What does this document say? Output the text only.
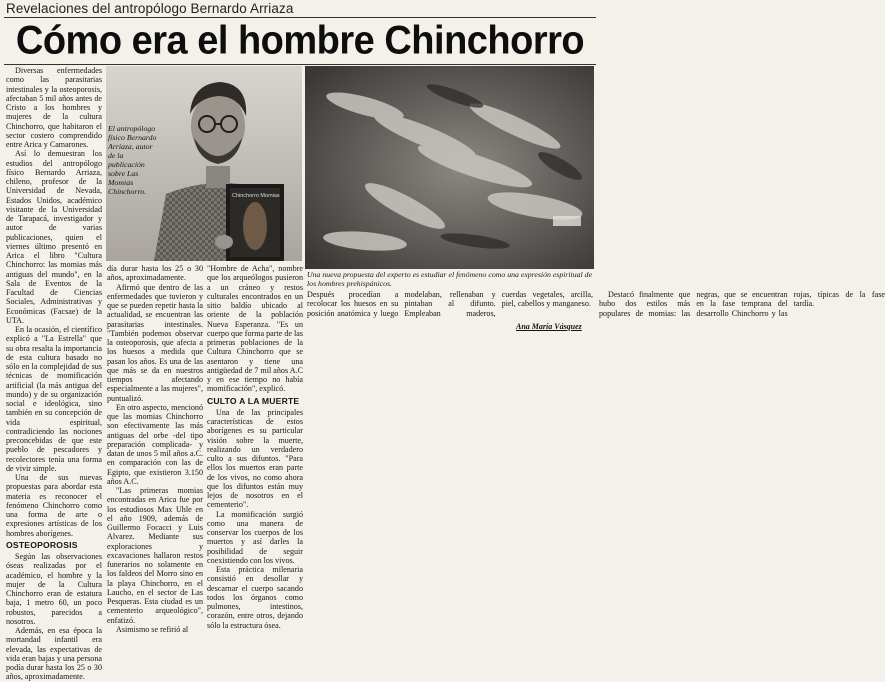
Revelaciones del antropólogo Bernardo Arriaza
Cómo era el hombre Chinchorro

Diversas enfermedades como las parasitarias intestinales y la osteoporosis, afectaban 5 mil años antes de Cristo a los hombres y mujeres de la cultura Chinchorro, que habitaron el sector costero comprendido entre Arica y Camarones.

Así lo demuestran los estudios del antropólogo físico Bernardo Arriaza, chileno, profesor de la Universidad de Nevada, Estados Unidos, académico visitante de la Universidad de Tarapacá, investigador y autor de varias publicaciones, quien el viernes último presentó en Arica el libro "Cultura Chinchorro: las momias más antiguas del mundo", en la Sala de Eventos de la Facultad de Ciencias Sociales, Administrativas y Económicas (Facsae) de la UTA.

En la ocasión, el científico explicó a "La Estrella" que su obra resalta la importancia de esta cultura basado no sólo en la complejidad de sus técnicas de momificación artificial (la más antigua del mundo) y de su organización social e ideológica, sino también en su concepción de vida espiritual, contradiciendo las nociones preconcebidas de que este pueblo de pescadores y recolectores tenía una forma de vivir simple.

Una de sus nuevas propuestas para abordar esta materia es reconocer el fenómeno Chinchorro como una forma de arte o expresiones artísticas de los hombres aborígenes.

OSTEOPOROSIS

Según las observaciones óseas realizadas por el académico, el hombre y la mujer de la Cultura Chinchorro eran de estatura baja, 1 metro 60, un poco robustos, parecidos a nosotros.

Además, en esa época la mortandad infantil era elevada, las expectativas de vida eran bajas y una persona podía durar hasta los 25 o 30 años, aproximadamente.

Chinchorro Momias
El antropólogo físico Bernardo Arriaza, autor de la publicación sobre Las Momias Chinchorro.
Una nueva propuesta del experto es estudiar el fenómeno como una expresión espiritual de los hombres prehispánicos.

día durar hasta los 25 o 30 años, aproximadamente.

Afirmó que dentro de las enfermedades que tuvieron y que se pueden repetir hasta la actualidad, se encuentran las parasitarias intestinales. "También podemos observar la osteoporosis, que afecta a los huesos a medida que pasan los años. Es una de las que más se da en nuestros tiempos afectando especialmente a las mujeres", puntualizó.

En otro aspecto, mencionó que las momias Chinchorro son efectivamente las más antiguas del orbe -del tipo preparación complicada- y datan de unos 5 mil años a.C. en comparación con las de Egipto, que existieron 3.150 años A.C.

"Las primeras momias encontradas en Arica fue por los estudiosos Max Uhle en el año 1909, además de Guillermo Focacci y Luis Alvarez. Mediante sus exploraciones y excavaciones hallaron restos funerarios no solamente en los faldeos del Morro sino en la playa Chinchorro, en el Laucho, en el sector de Las Pesqueras. Esta ciudad es un cementerio arqueológico", enfatizó.

Asimismo se refirió al

"Hombre de Acha", nombre que los arqueólogos pusieron a un cráneo y restos culturales encontrados en un sitio baldío ubicado al oriente de la población Nueva Esperanza. "Es un cuerpo que forma parte de las primeras poblaciones de la Cultura Chinchorro que se asentaron y tiene una antigüedad de 7 mil años A.C y en ese tiempo no había momificación", explicó.

CULTO A LA MUERTE

Una de las principales características de estos aborígenes es su particular visión sobre la muerte, realizando un verdadero culto a sus difuntos. "Para ellos los muertos eran parte de los vivos, no como ahora que los difuntos están muy lejos de nosotros en el cementerio".

La momificación surgió como una manera de conservar los cuerpos de los muertos y así darles la posibilidad de seguir coexistiendo con los vivos.

Esta práctica milenaria consistió en desollar y descarnar el cuerpo sacando todos los órganos como pulmones, intestinos, corazón, entre otros, dejando sólo la estructura ósea.

Después procedían a recolocar los huesos en su posición anatómica y luego modelaban, rellenaban y pintaban al difunto. Empleaban maderos, cuerdas vegetales, arcilla, piel, cabellos y manganeso.

Destacó finalmente que hubo dos estilos más populares de momias: las negras, que se encuentran en la fase temprana del desarrollo Chinchorro y las rojas, típicas de la fase tardía.

Ana María Vásquez
